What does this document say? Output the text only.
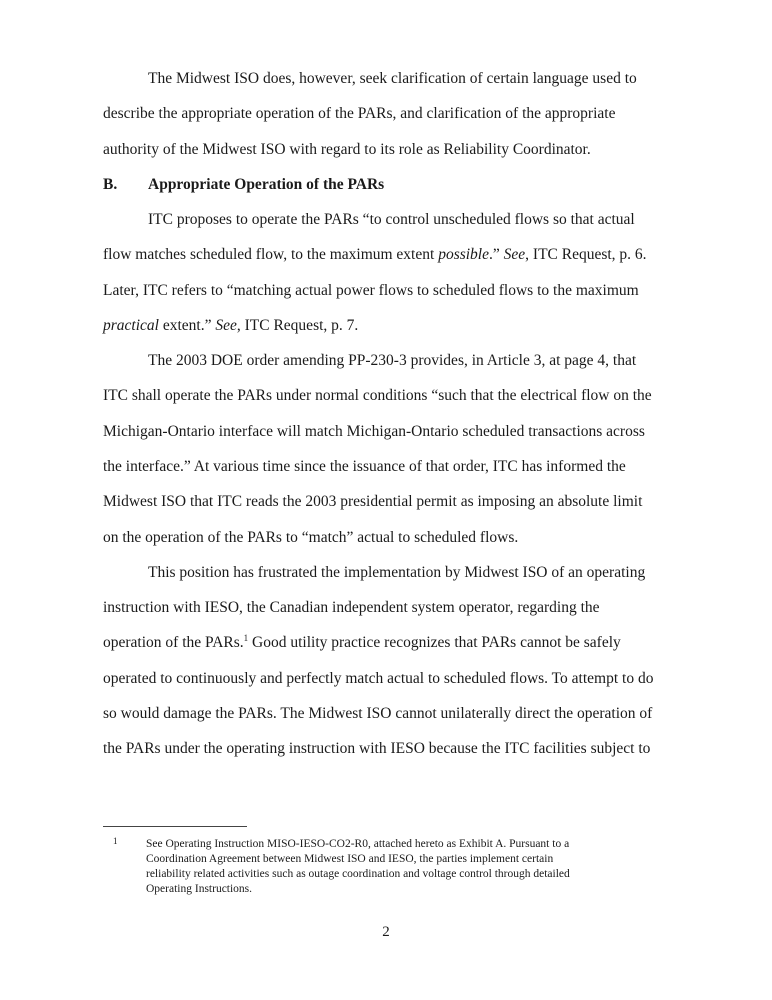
The Midwest ISO does, however, seek clarification of certain language used to

describe the appropriate operation of the PARs, and clarification of the appropriate

authority of the Midwest ISO with regard to its role as Reliability Coordinator.

B. Appropriate Operation of the PARs

ITC proposes to operate the PARs “to control unscheduled flows so that actual

flow matches scheduled flow, to the maximum extent possible.” See, ITC Request, p. 6.

Later, ITC refers to “matching actual power flows to scheduled flows to the maximum

practical extent.” See, ITC Request, p. 7.

The 2003 DOE order amending PP-230-3 provides, in Article 3, at page 4, that

ITC shall operate the PARs under normal conditions “such that the electrical flow on the

Michigan-Ontario interface will match Michigan-Ontario scheduled transactions across

the interface.” At various time since the issuance of that order, ITC has informed the

Midwest ISO that ITC reads the 2003 presidential permit as imposing an absolute limit

on the operation of the PARs to “match” actual to scheduled flows.

This position has frustrated the implementation by Midwest ISO of an operating

instruction with IESO, the Canadian independent system operator, regarding the

operation of the PARs.$^1$ Good utility practice recognizes that PARs cannot be safely

operated to continuously and perfectly match actual to scheduled flows. To attempt to do

so would damage the PARs. The Midwest ISO cannot unilaterally direct the operation of

the PARs under the operating instruction with IESO because the ITC facilities subject to

1 See Operating Instruction MISO-IESO-CO2-R0, attached hereto as Exhibit A. Pursuant to a

Coordination Agreement between Midwest ISO and IESO, the parties implement certain

reliability related activities such as outage coordination and voltage control through detailed

Operating Instructions.

2
